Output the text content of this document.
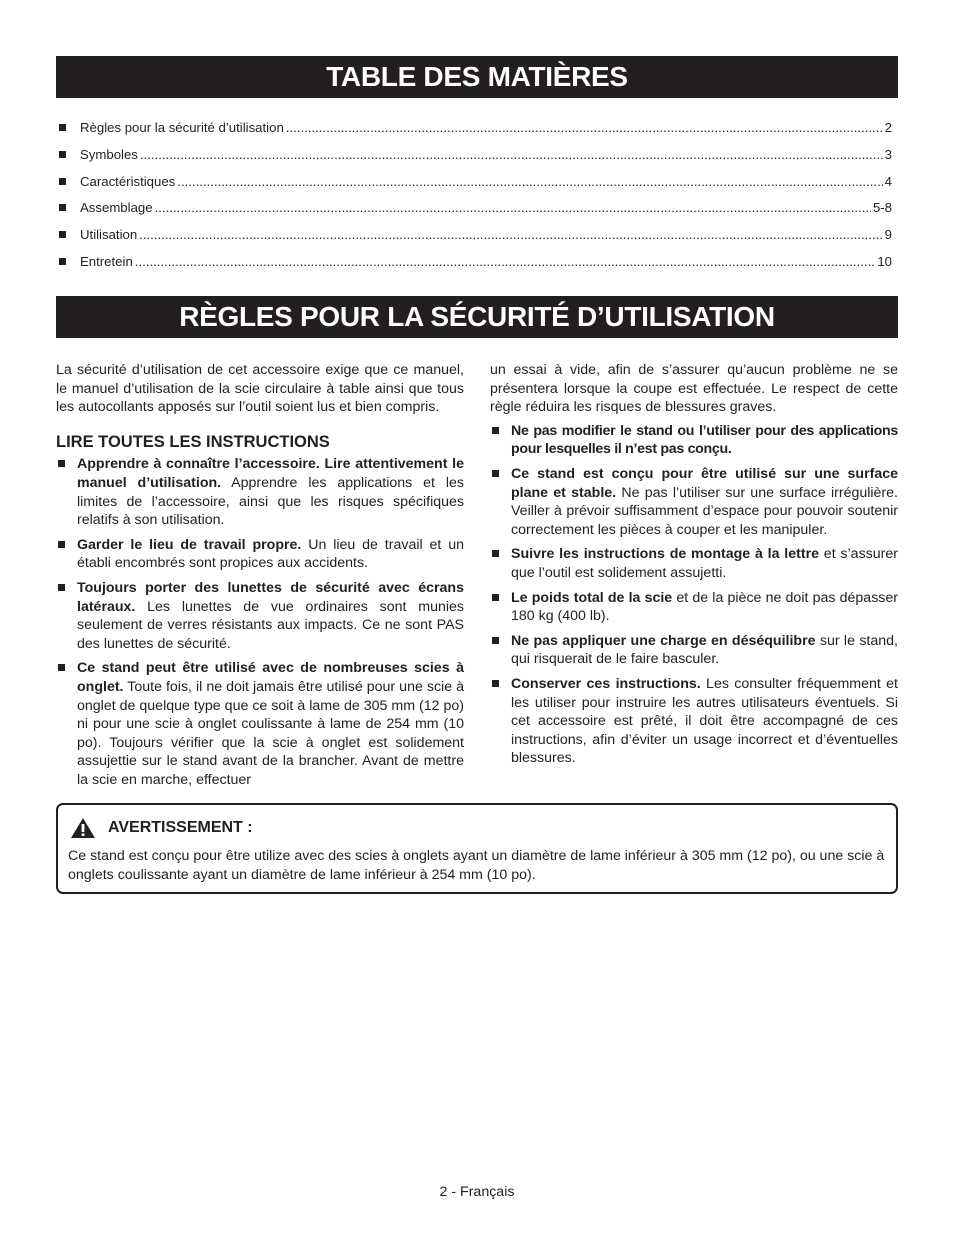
TABLE DES MATIÈRES
Règles pour la sécurité d’utilisation .....	2
Symboles .....	3
Caractéristiques .....	4
Assemblage .....	5-8
Utilisation .....	9
Entretein .....	10
RÈGLES POUR LA SÉCURITÉ D’UTILISATION

La sécurité d’utilisation de cet accessoire exige que ce manuel, le manuel d’utilisation de la scie circulaire à table ainsi que tous les autocollants apposés sur l’outil soient lus et bien compris.

LIRE TOUTES LES INSTRUCTIONS
Apprendre à connaître l’accessoire. Lire attentivement le manuel d’utilisation. Apprendre les applications et les limites de l’accessoire, ainsi que les risques spécifiques relatifs à son utilisation.
Garder le lieu de travail propre. Un lieu de travail et un établi encombrés sont propices aux accidents.
Toujours porter des lunettes de sécurité avec écrans latéraux. Les lunettes de vue ordinaires sont munies seulement de verres résistants aux impacts. Ce ne sont PAS des lunettes de sécurité.
Ce stand peut être utilisé avec de nombreuses scies à onglet. Toute fois, il ne doit jamais être utilisé pour une scie à onglet de quelque type que ce soit à lame de 305 mm (12 po) ni pour une scie à onglet coulissante à lame de 254 mm (10 po). Toujours vérifier que la scie à onglet est solidement assujettie sur le stand avant de la brancher. Avant de mettre la scie en marche, effectuer

un essai à vide, afin de s’assurer qu’aucun problème ne se présentera lorsque la coupe est effectuée. Le respect de cette règle réduira les risques de blessures graves.

Ne pas modifier le stand ou l’utiliser pour des applications pour lesquelles il n’est pas conçu.
Ce stand est conçu pour être utilisé sur une surface plane et stable. Ne pas l’utiliser sur une surface irrégulière. Veiller à prévoir suffisamment d’espace pour pouvoir soutenir correctement les pièces à couper et les manipuler.
Suivre les instructions de montage à la lettre et s’assurer que l’outil est solidement assujetti.
Le poids total de la scie et de la pièce ne doit pas dépasser 180 kg (400 lb).
Ne pas appliquer une charge en déséquilibre sur le stand, qui risquerait de le faire basculer.
Conserver ces instructions. Les consulter fréquemment et les utiliser pour instruire les autres utilisateurs éventuels. Si cet accessoire est prêté, il doit être accompagné de ces instructions, afin d’éviter un usage incorrect et d’éventuelles blessures.
AVERTISSEMENT :
Ce stand est conçu pour être utilize avec des scies à onglets ayant un diamètre de lame inférieur à 305 mm (12 po), ou une scie à onglets coulissante ayant un diamètre de lame inférieur à 254 mm (10 po).
2 - Français
